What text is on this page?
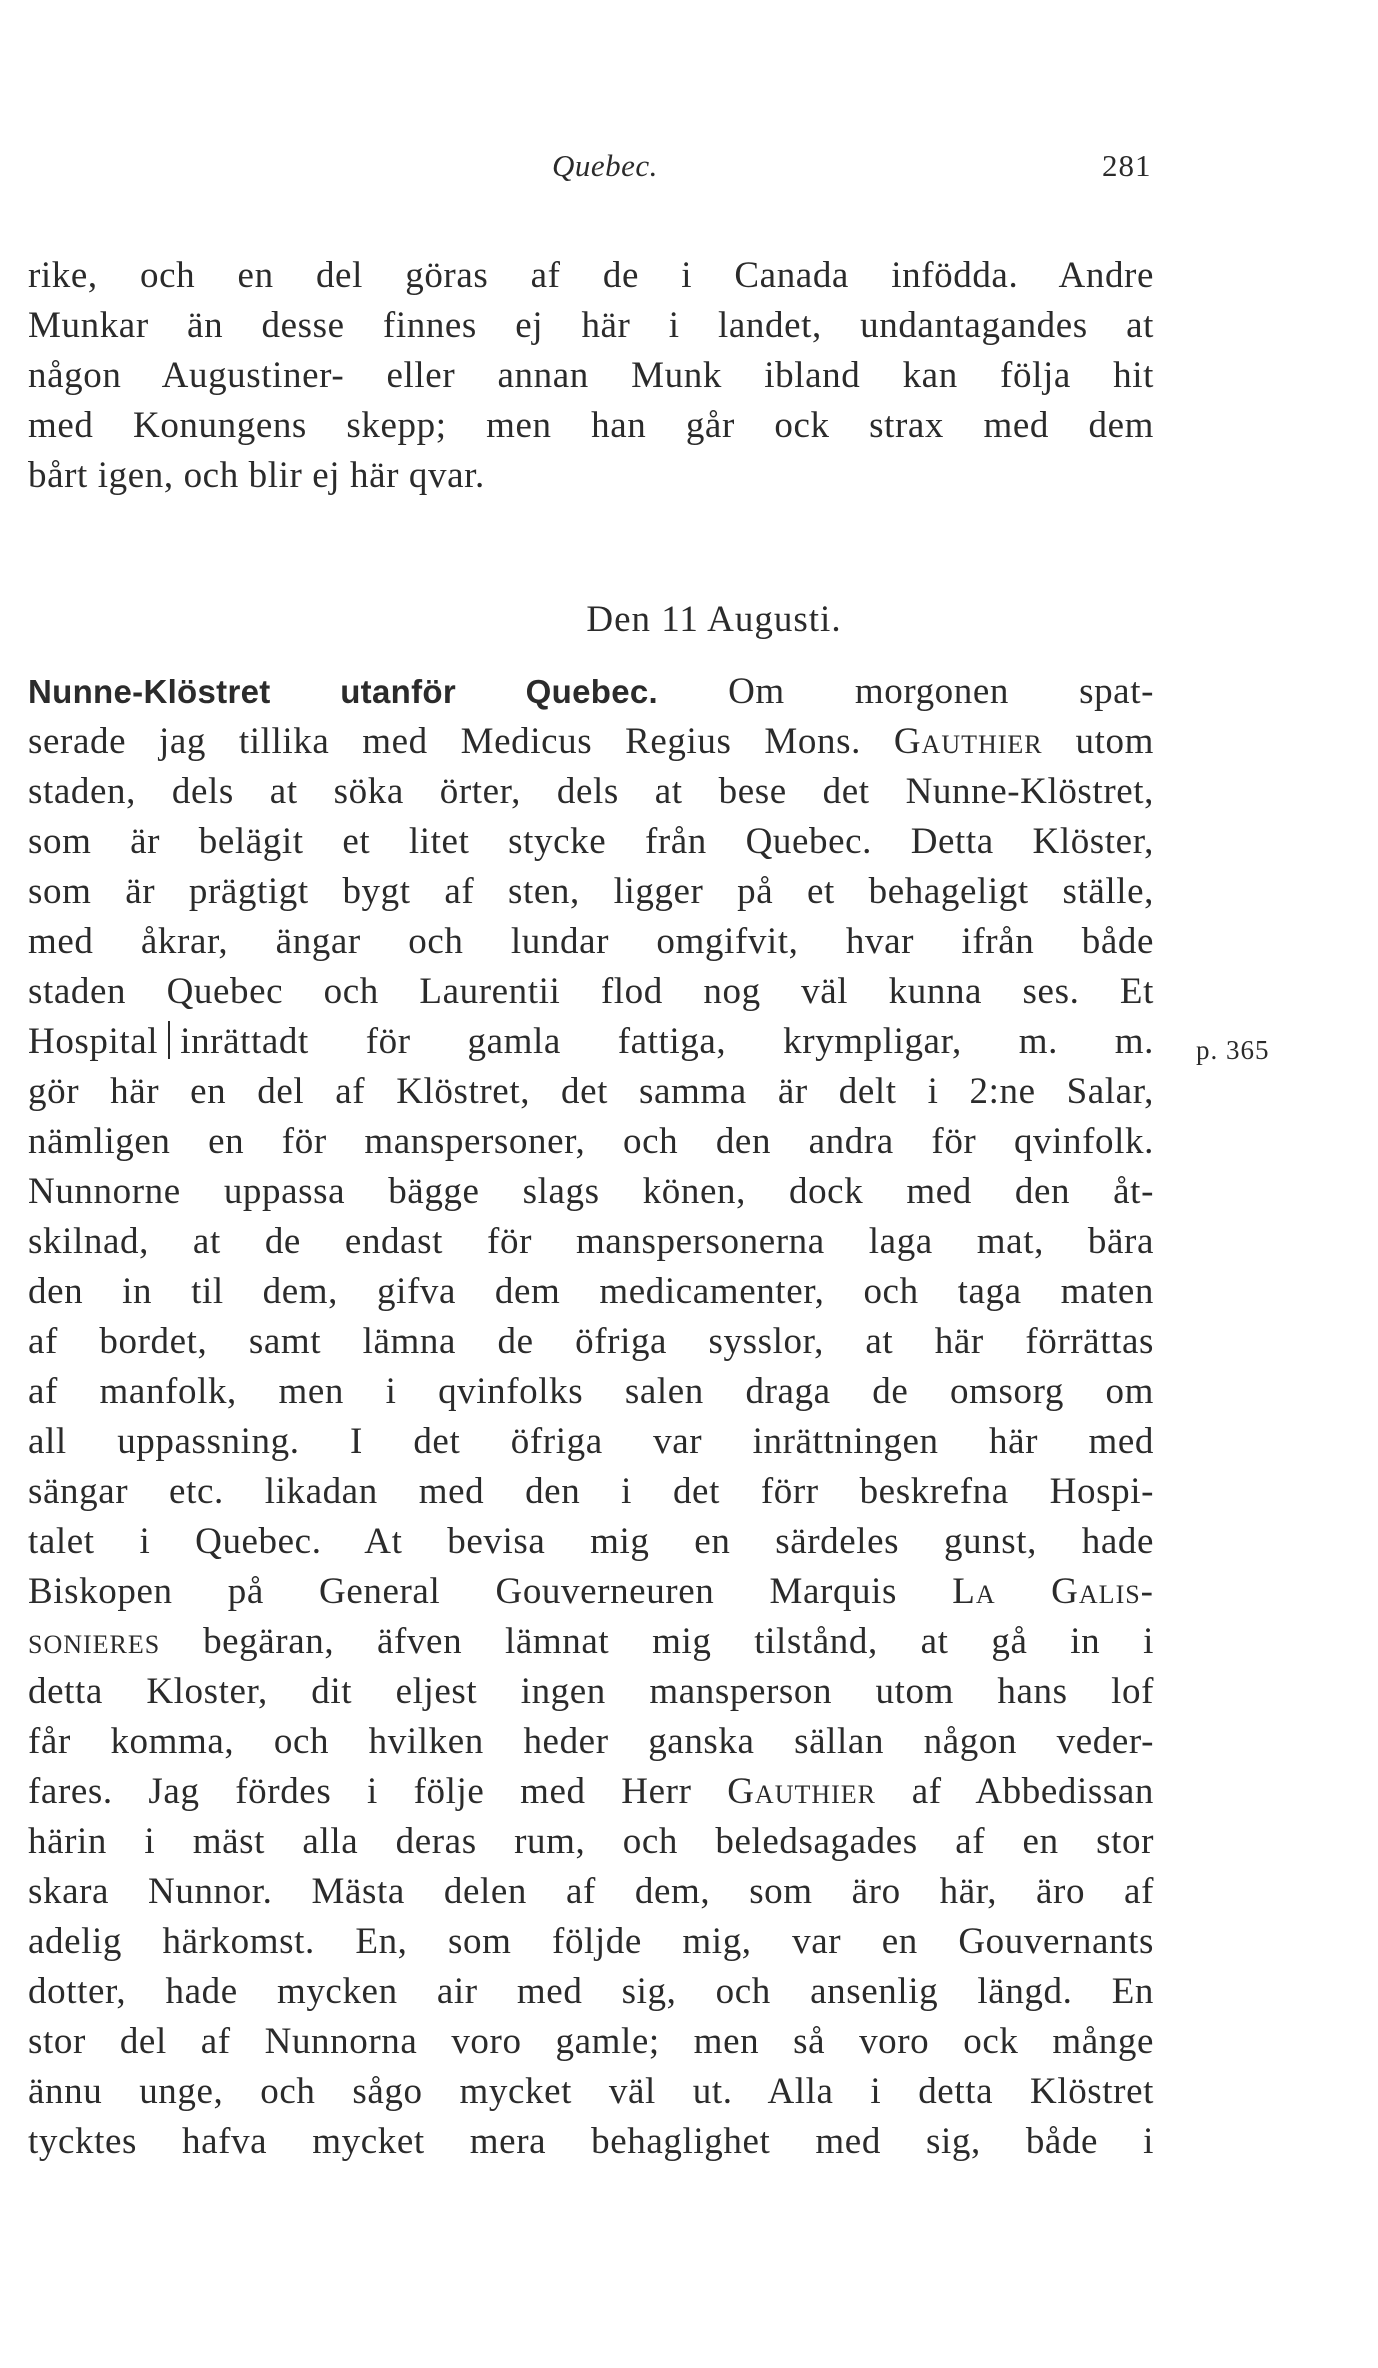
Quebec.	281
rike, och en del göras af de i Canada infödda. Andre
Munkar än desse finnes ej här i landet, undantagandes at
någon Augustiner- eller annan Munk ibland kan följa hit
med Konungens skepp; men han går ock strax med dem
bårt igen, och blir ej här qvar.
Den 11 Augusti.
Nunne-Klöstret utanför Quebec. Om morgonen spat-
serade jag tillika med Medicus Regius Mons. Gauthier utom
staden, dels at söka örter, dels at bese det Nunne-Klöstret,
som är belägit et litet stycke från Quebec. Detta Klöster,
som är prägtigt bygt af sten, ligger på et behageligt ställe,
med åkrar, ängar och lundar omgifvit, hvar ifrån både
staden Quebec och Laurentii flod nog väl kunna ses. Et
Hospital inrättadt för gamla fattiga, krympligar, m. m.
gör här en del af Klöstret, det samma är delt i 2:ne Salar,
nämligen en för manspersoner, och den andra för qvinfolk.
Nunnorne uppassa bägge slags könen, dock med den åt-
skilnad, at de endast för manspersonerna laga mat, bära
den in til dem, gifva dem medicamenter, och taga maten
af bordet, samt lämna de öfriga sysslor, at här förrättas
af manfolk, men i qvinfolks salen draga de omsorg om
all uppassning. I det öfriga var inrättningen här med
sängar etc. likadan med den i det förr beskrefna Hospi-
talet i Quebec. At bevisa mig en särdeles gunst, hade
Biskopen på General Gouverneuren Marquis La Galis-
sonieres begäran, äfven lämnat mig tilstånd, at gå in i
detta Kloster, dit eljest ingen mansperson utom hans lof
får komma, och hvilken heder ganska sällan någon veder-
fares. Jag fördes i följe med Herr Gauthier af Abbedissan
härin i mäst alla deras rum, och beledsagades af en stor
skara Nunnor. Mästa delen af dem, som äro här, äro af
adelig härkomst. En, som följde mig, var en Gouvernants
dotter, hade mycken air med sig, och ansenlig längd. En
stor del af Nunnorna voro gamle; men så voro ock månge
ännu unge, och sågo mycket väl ut. Alla i detta Klöstret
tycktes hafva mycket mera behaglighet med sig, både i
p. 365
